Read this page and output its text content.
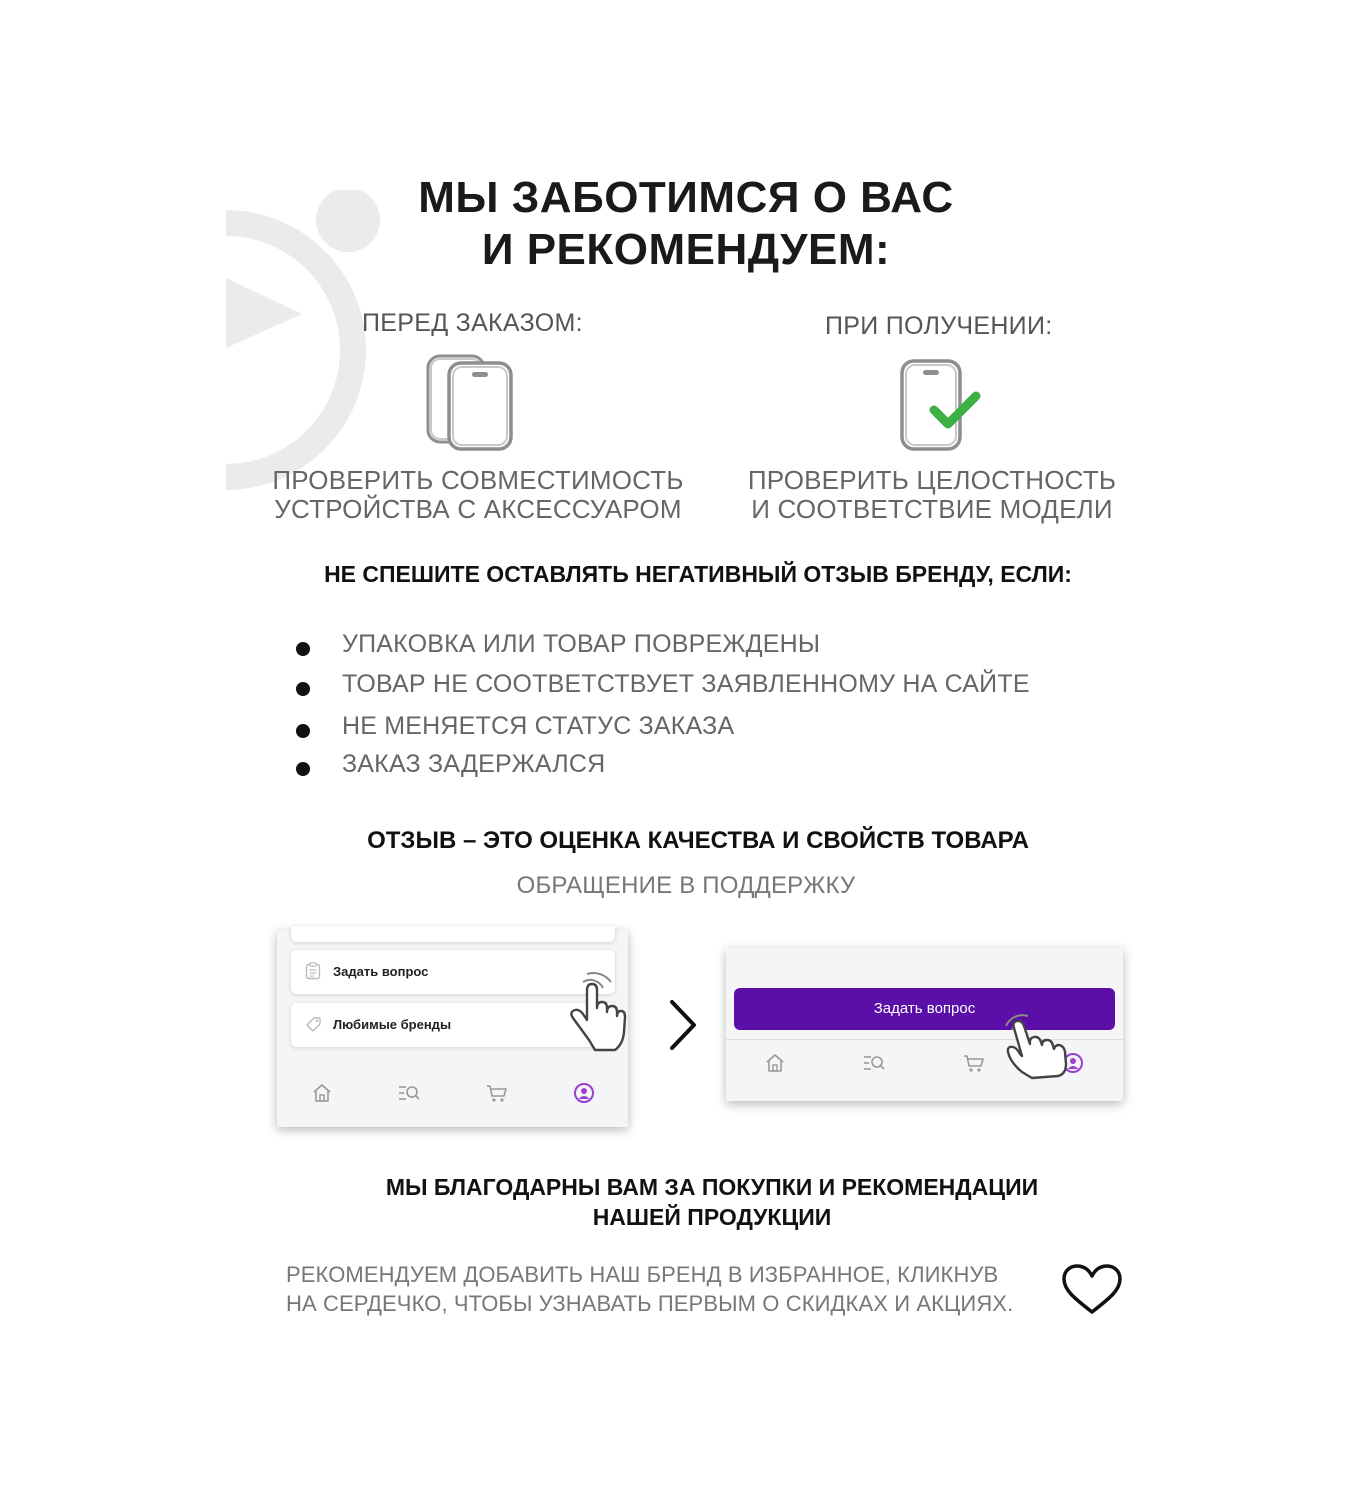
МЫ ЗАБОТИМСЯ О ВАС
И РЕКОМЕНДУЕМ:
ПЕРЕД ЗАКАЗОМ:
ПРОВЕРИТЬ СОВМЕСТИМОСТЬ
УСТРОЙСТВА С АКСЕССУАРОМ
ПРИ ПОЛУЧЕНИИ:
ПРОВЕРИТЬ ЦЕЛОСТНОСТЬ
И СООТВЕТСТВИЕ МОДЕЛИ
НЕ СПЕШИТЕ ОСТАВЛЯТЬ НЕГАТИВНЫЙ ОТЗЫВ БРЕНДУ, ЕСЛИ:
УПАКОВКА ИЛИ ТОВАР ПОВРЕЖДЕНЫ
ТОВАР НЕ СООТВЕТСТВУЕТ ЗАЯВЛЕННОМУ НА САЙТЕ
НЕ МЕНЯЕТСЯ СТАТУС ЗАКАЗА
ЗАКАЗ ЗАДЕРЖАЛСЯ
ОТЗЫВ – ЭТО ОЦЕНКА КАЧЕСТВА И СВОЙСТВ ТОВАРА
ОБРАЩЕНИЕ В ПОДДЕРЖКУ
Задать вопрос
Любимые бренды
Задать вопрос
МЫ БЛАГОДАРНЫ ВАМ ЗА ПОКУПКИ И РЕКОМЕНДАЦИИ
НАШЕЙ ПРОДУКЦИИ
РЕКОМЕНДУЕМ ДОБАВИТЬ НАШ БРЕНД В ИЗБРАННОЕ, КЛИКНУВ
НА СЕРДЕЧКО, ЧТОБЫ УЗНАВАТЬ ПЕРВЫМ О СКИДКАХ И АКЦИЯХ.
